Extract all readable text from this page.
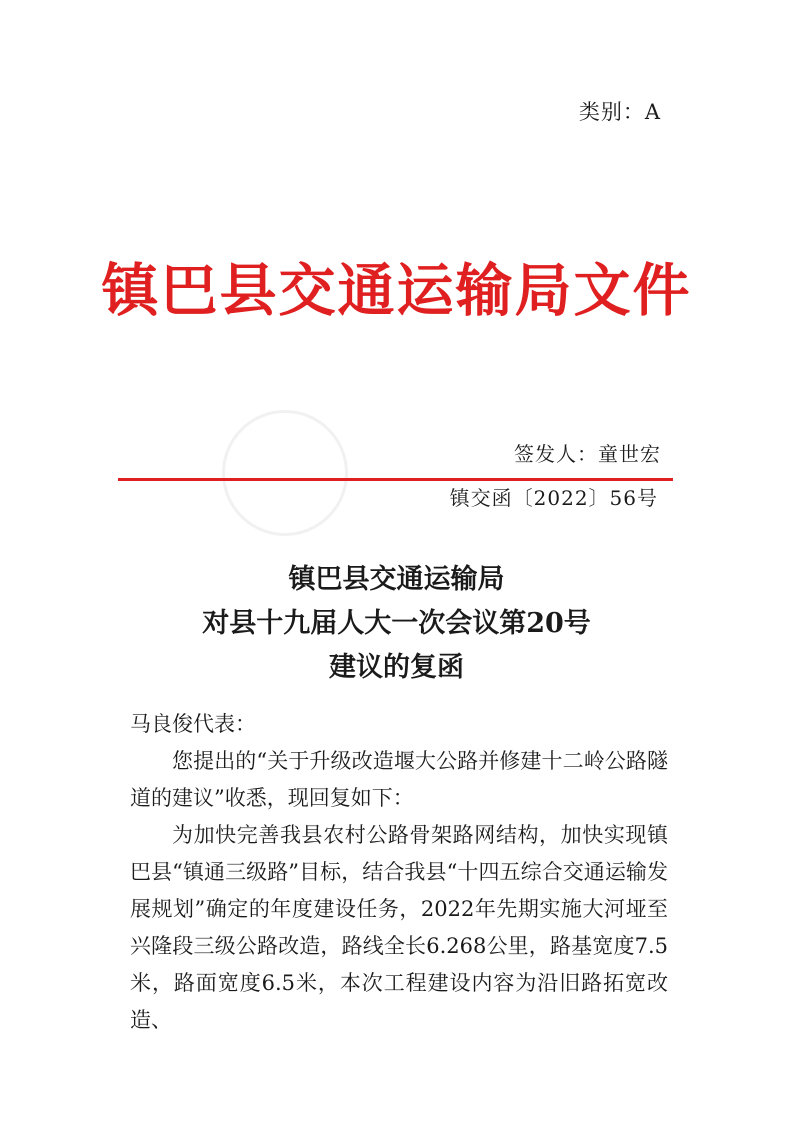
类别：A
镇巴县交通运输局文件
签发人：童世宏
镇交函〔2022〕56号
镇巴县交通运输局
对县十九届人大一次会议第20号
建议的复函

马良俊代表：

您提出的“关于升级改造堰大公路并修建十二岭公路隧道的建议”收悉，现回复如下：

为加快完善我县农村公路骨架路网结构，加快实现镇巴县“镇通三级路”目标，结合我县“十四五综合交通运输发展规划”确定的年度建设任务，2022年先期实施大河垭至兴隆段三级公路改造，路线全长6.268公里，路基宽度7.5米，路面宽度6.5米，本次工程建设内容为沿旧路拓宽改造、
